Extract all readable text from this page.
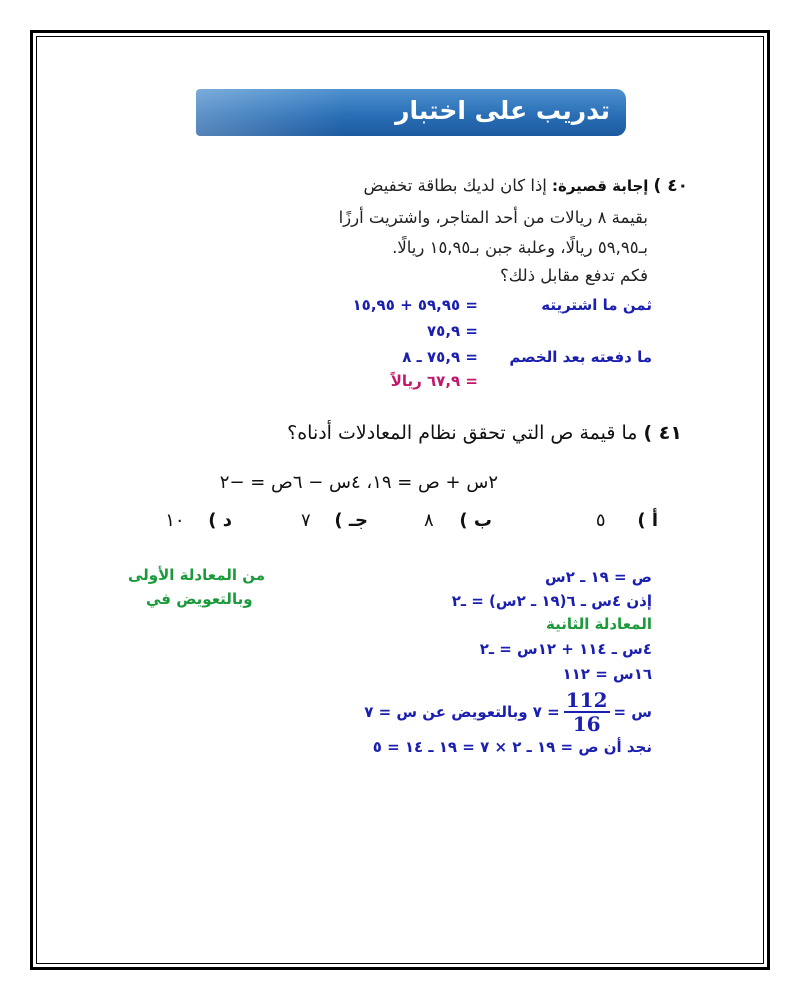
تدريب على اختبار
٤٠ ) إجابة قصيرة: إذا كان لديك بطاقة تخفيض
بقيمة ٨ ريالات من أحد المتاجر، واشتريت أرزًا
بـ٥٩,٩٥ ريالًا، وعلبة جبن بـ١٥,٩٥ ريالًا.
فكم تدفع مقابل ذلك؟
ثمن ما اشتريته
= ٥٩,٩٥ + ١٥,٩٥
= ٧٥,٩
ما دفعته بعد الخصم
= ٧٥,٩ ـ ٨
= ٦٧,٩ ريالاً
٤١ ) ما قيمة ص التي تحقق نظام المعادلات أدناه؟
٢س + ص = ١٩، ٤س − ٦ص = −٢
أ ) ٥
ب ) ٨
جـ ) ٧
د ) ١٠
من المعادلة الأولى
وبالتعويض في
ص = ١٩ ـ ٢س
إذن ٤س ـ ٦(١٩ ـ ٢س) = ـ٢
المعادلة الثانية
٤س ـ ١١٤ + ١٢س = ـ٢
١٦س = ١١٢
س =
$\frac{112}{16}$
= ٧ وبالتعويض عن س = ٧
نجد أن ص = ١٩ ـ ٢ × ٧ = ١٩ ـ ١٤ = ٥
